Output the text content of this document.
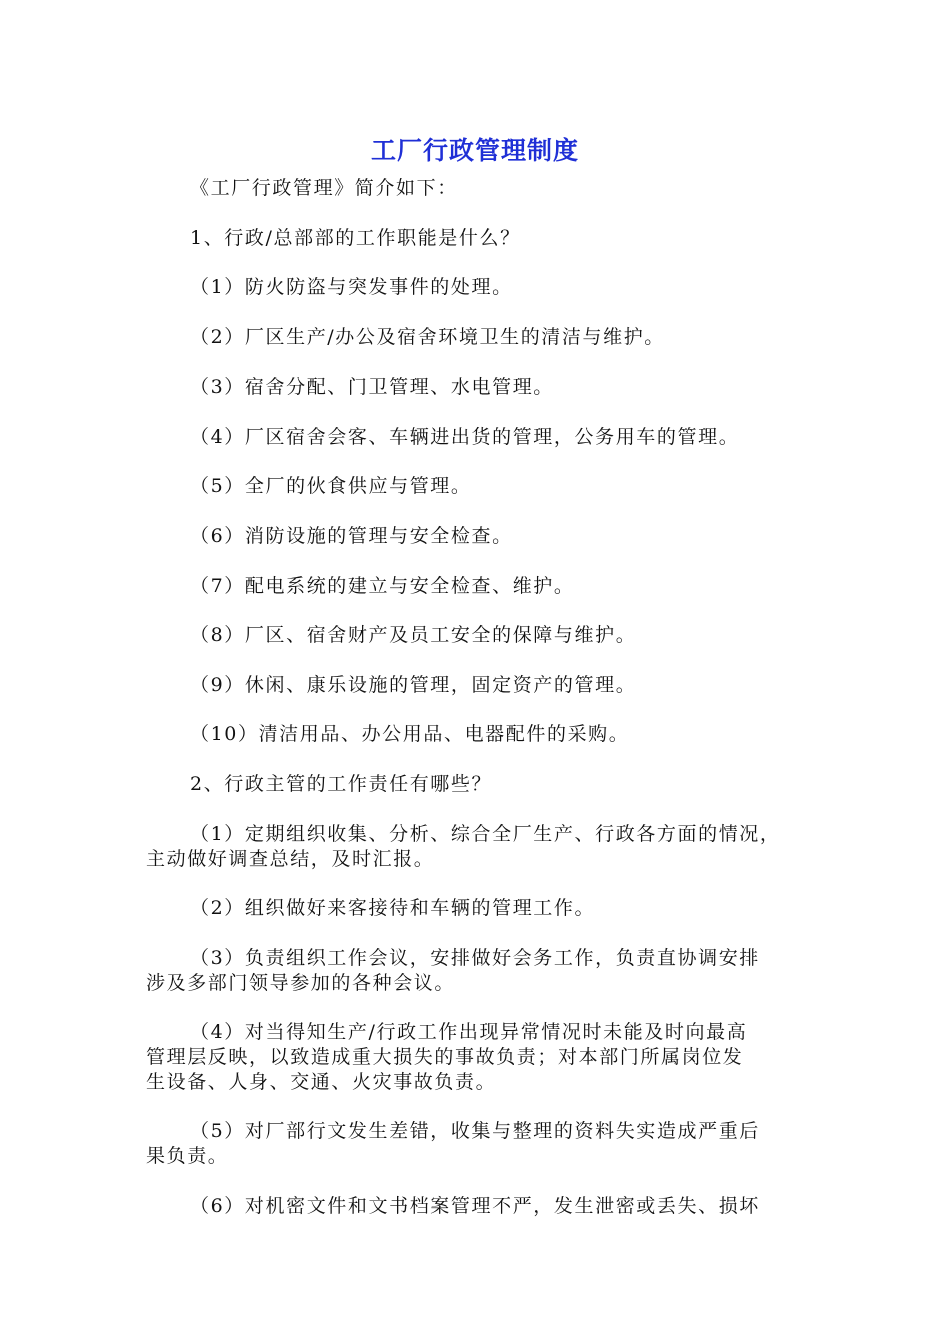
工厂行政管理制度
《工厂行政管理》简介如下：
1、行政/总部部的工作职能是什么？
（1）防火防盗与突发事件的处理。
（2）厂区生产/办公及宿舍环境卫生的清洁与维护。
（3）宿舍分配、门卫管理、水电管理。
（4）厂区宿舍会客、车辆进出货的管理，公务用车的管理。
（5）全厂的伙食供应与管理。
（6）消防设施的管理与安全检查。
（7）配电系统的建立与安全检查、维护。
（8）厂区、宿舍财产及员工安全的保障与维护。
（9）休闲、康乐设施的管理，固定资产的管理。
（10）清洁用品、办公用品、电器配件的采购。
2、行政主管的工作责任有哪些？
（1）定期组织收集、分析、综合全厂生产、行政各方面的情况，
主动做好调查总结，及时汇报。
（2）组织做好来客接待和车辆的管理工作。
（3）负责组织工作会议，安排做好会务工作，负责直协调安排
涉及多部门领导参加的各种会议。
（4）对当得知生产/行政工作出现异常情况时未能及时向最高
管理层反映，以致造成重大损失的事故负责；对本部门所属岗位发
生设备、人身、交通、火灾事故负责。
（5）对厂部行文发生差错，收集与整理的资料失实造成严重后
果负责。
（6）对机密文件和文书档案管理不严，发生泄密或丢失、损坏
